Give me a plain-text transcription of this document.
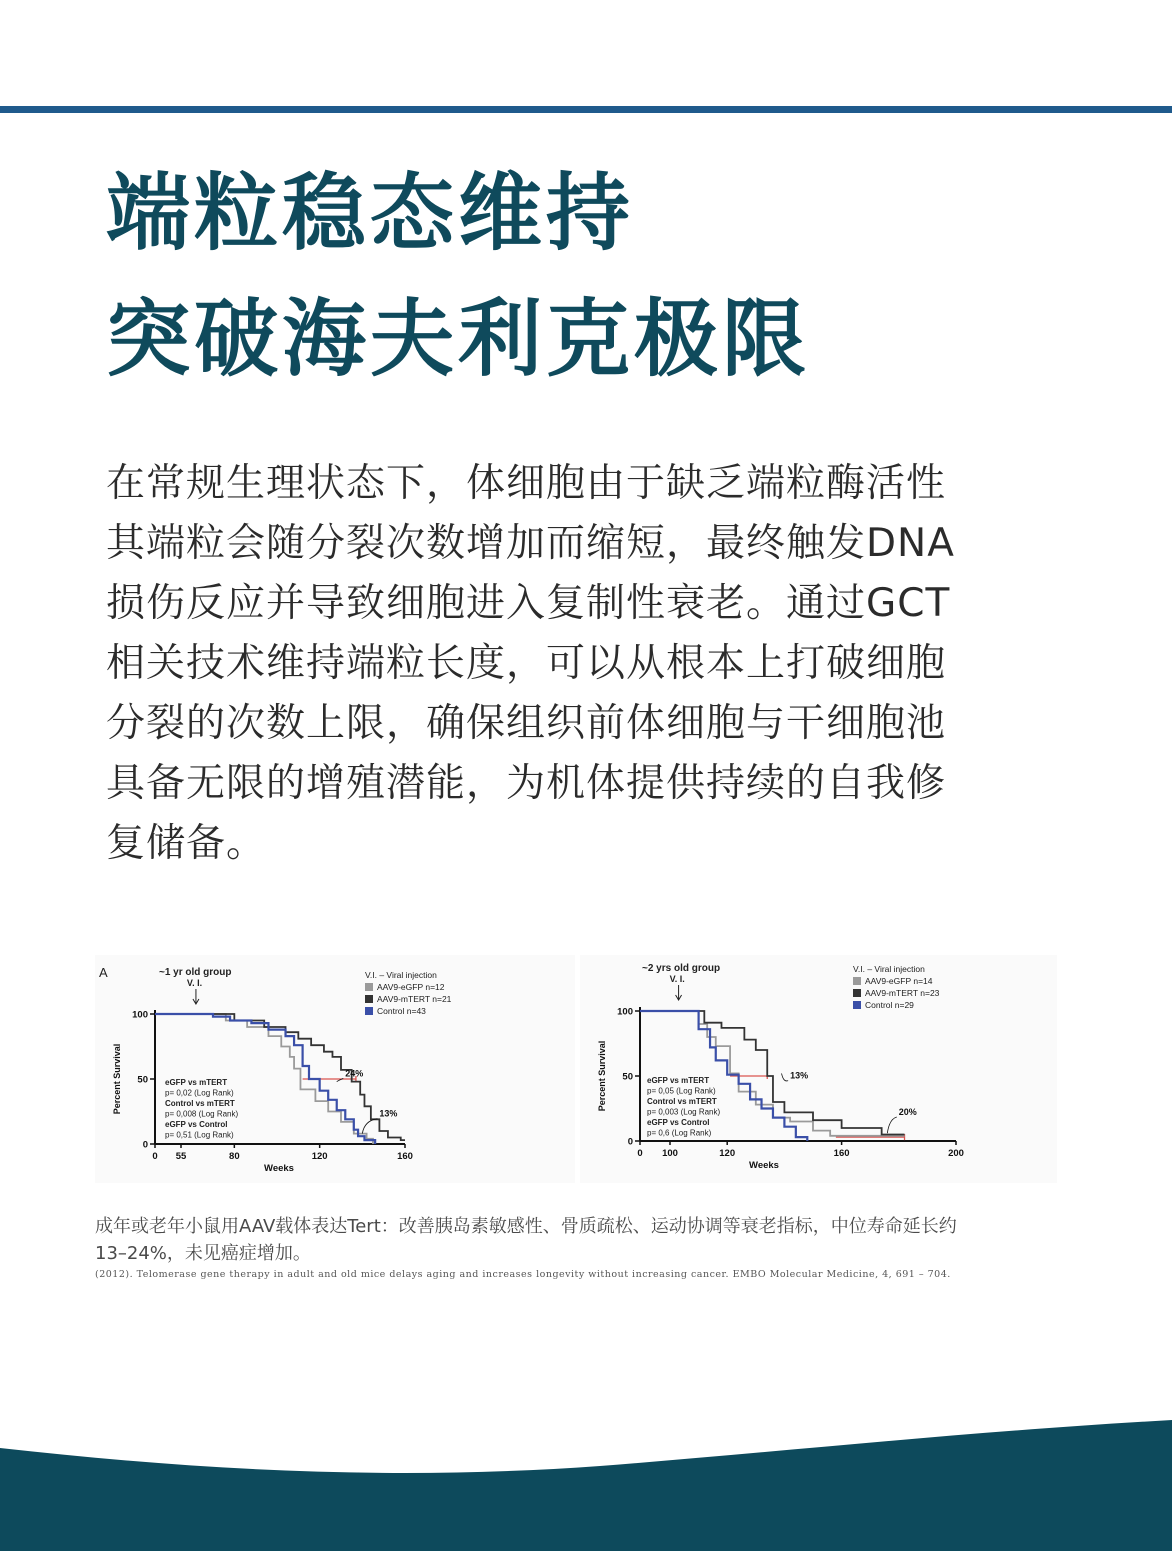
端粒稳态维持
突破海夫利克极限
在常规生理状态下，体细胞由于缺乏端粒酶活性
其端粒会随分裂次数增加而缩短，最终触发DNA
损伤反应并导致细胞进入复制性衰老。通过GCT
相关技术维持端粒长度，可以从根本上打破细胞
分裂的次数上限，确保组织前体细胞与干细胞池
具备无限的增殖潜能，为机体提供持续的自我修
复储备。
A	~1 yr old group
V. I.
0
50
100
0 55	80	120	160
Weeks
Percent Survival	24%
13%
eGFP vs mTERT
p= 0,02 (Log Rank)
Control vs mTERT
p= 0,008 (Log Rank)
eGFP vs Control
p= 0,51 (Log Rank)
V.I. – Viral injection
AAV9-eGFP n=12
AAV9-mTERT n=21
Control n=43
~2 yrs old group
V. I.
0
50
100
0 100	120	160	200
Weeks
Percent Survival	13%
20%
eGFP vs mTERT
p= 0,05 (Log Rank)
Control vs mTERT
p= 0,003 (Log Rank)
eGFP vs Control
p= 0,6 (Log Rank)
V.I. – Viral injection
AAV9-eGFP n=14
AAV9-mTERT n=23
Control n=29
成年或老年小鼠用AAV载体表达Tert：改善胰岛素敏感性、骨质疏松、运动协调等衰老指标，中位寿命延长约
13–24%，未见癌症增加。
(2012). Telomerase gene therapy in adult and old mice delays aging and increases longevity without increasing cancer. EMBO Molecular Medicine, 4, 691 – 704.
